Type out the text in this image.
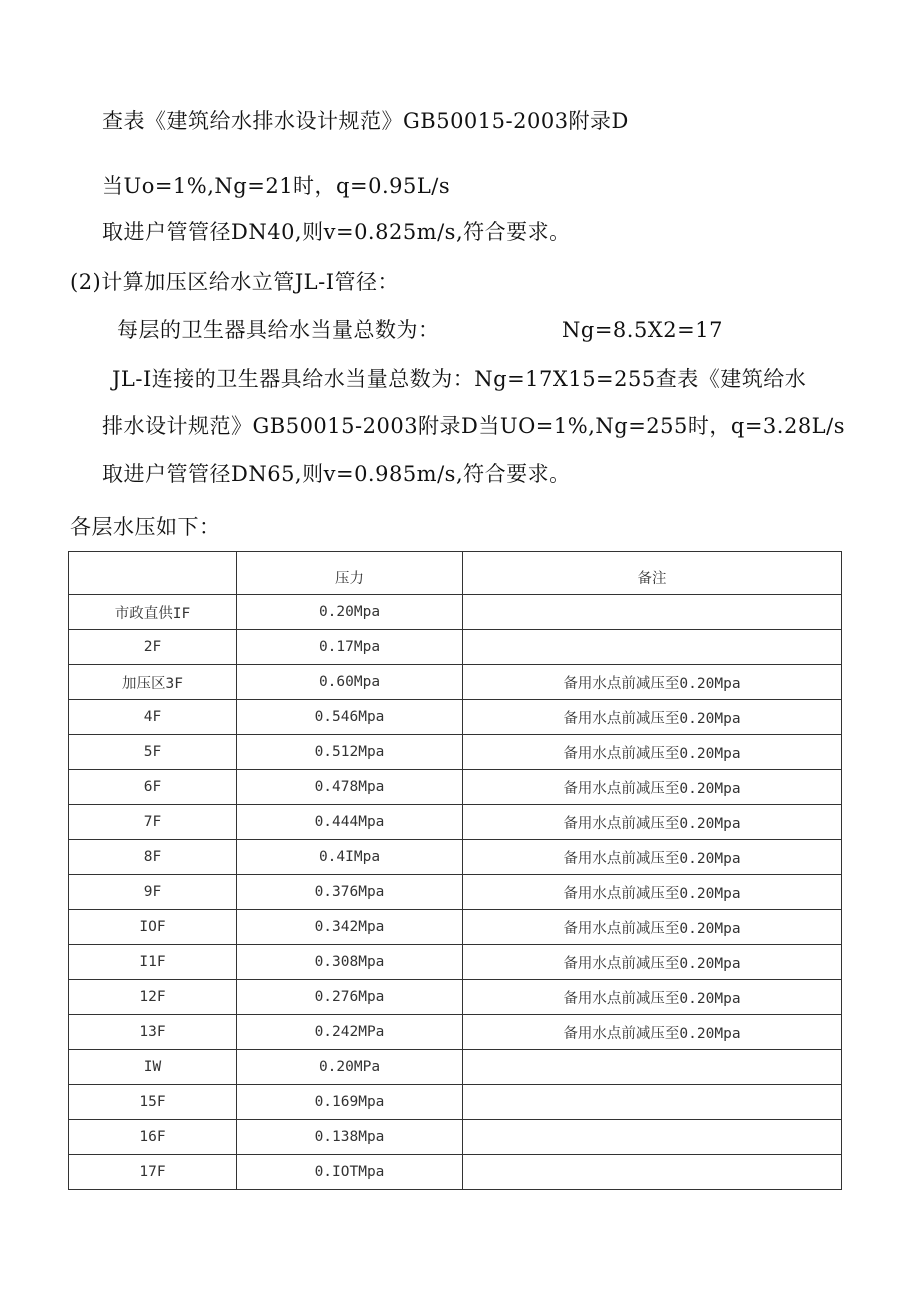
查表《建筑给水排水设计规范》GB50015-2003附录D
当Uo=1%,Ng=21时，q=0.95L∕s
取进户管管径DN40,则v=0.825m/s,符合要求。
(2)计算加压区给水立管JL-I管径：
每层的卫生器具给水当量总数为：	Ng=8.5X2=17
JL-I连接的卫生器具给水当量总数为：Ng=17X15=255查表《建筑给水
排水设计规范》GB50015-2003附录D当UO=1%,Ng=255时，q=3.28L∕s
取进户管管径DN65,则v=0.985m/s,符合要求。
各层水压如下：
	压力	备注
市政直供IF	0.20Mpa	
2F	0.17Mpa	
加压区3F	0.60Mpa	备用水点前减压至0.20Mpa
4F	0.546Mpa	备用水点前减压至0.20Mpa
5F	0.512Mpa	备用水点前减压至0.20Mpa
6F	0.478Mpa	备用水点前减压至0.20Mpa
7F	0.444Mpa	备用水点前减压至0.20Mpa
8F	0.4IMpa	备用水点前减压至0.20Mpa
9F	0.376Mpa	备用水点前减压至0.20Mpa
IOF	0.342Mpa	备用水点前减压至0.20Mpa
I1F	0.308Mpa	备用水点前减压至0.20Mpa
12F	0.276Mpa	备用水点前减压至0.20Mpa
13F	0.242MPa	备用水点前减压至0.20Mpa
IW	0.20MPa	
15F	0.169Mpa	
16F	0.138Mpa	
17F	0.IOTMpa	
